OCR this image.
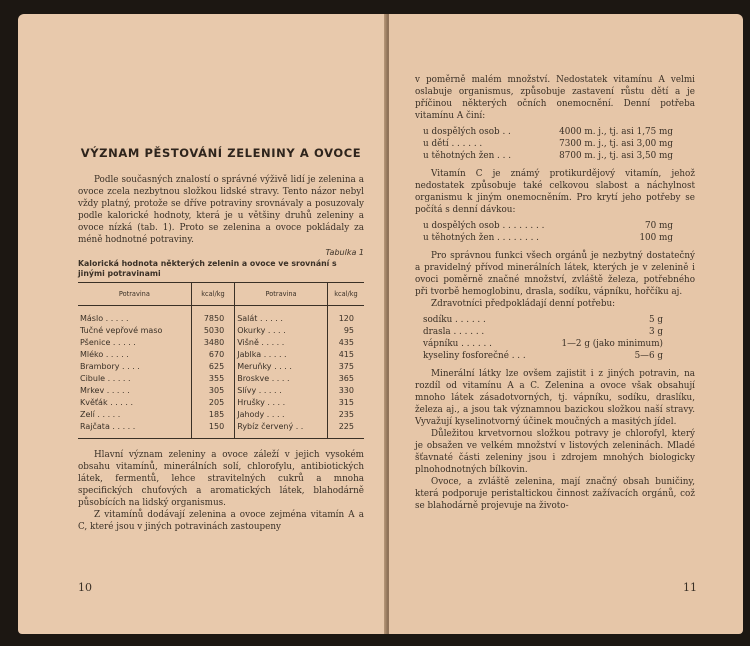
VÝZNAM PĚSTOVÁNÍ ZELENINY A OVOCE

Podle současných znalostí o správné výživě lidí je zelenina a ovoce zcela nezbytnou složkou lidské stravy. Tento názor nebyl vždy platný, protože se dříve potraviny srovnávaly a posuzovaly podle kalorické hodnoty, která je u většiny druhů zeleniny a ovoce nízká (tab. 1). Proto se zelenina a ovoce pokládaly za méně hodnotné potraviny.

Tabulka 1
Kalorická hodnota některých zelenin a ovoce ve srovnání s jinými potravinami
Potravina	kcal/kg	Potravina	kcal/kg
Máslo . . . . .	7850	Salát . . . . .	120
Tučné vepřové maso	5030	Okurky . . . .	95
Pšenice . . . . .	3480	Višně . . . . .	435
Mléko . . . . .	670	Jablka . . . . .	415
Brambory . . . .	625	Meruňky . . . .	375
Cibule . . . . .	355	Broskve . . . .	365
Mrkev . . . . .	305	Slívy . . . . .	330
Kvěťák . . . . .	205	Hrušky . . . .	315
Zelí . . . . .	185	Jahody . . . .	235
Rajčata . . . . .	150	Rybíz červený . .	225

Hlavní význam zeleniny a ovoce záleží v jejich vysokém obsahu vitamínů, minerálních solí, chlorofylu, antibiotických látek, fermentů, lehce stravitelných cukrů a mnoha specifických chuťových a aromatických látek, blahodárně působících na lidský organismus.

Z vitamínů dodávají zelenina a ovoce zejména vitamín A a C, které jsou v jiných potravinách zastoupeny

10

v poměrně malém množství. Nedostatek vitamínu A velmi oslabuje organismus, způsobuje zastavení růstu dětí a je příčinou některých očních onemocnění. Denní potřeba vitamínu A činí:

u dospělých osob . .	4000 m. j., tj. asi 1,75 mg
u dětí . . . . . .	7300 m. j., tj. asi 3,00 mg
u těhotných žen . . .	8700 m. j., tj. asi 3,50 mg

Vitamín C je známý protikurdějový vitamín, jehož nedostatek způsobuje také celkovou slabost a náchylnost organismu k jiným onemocněním. Pro krytí jeho potřeby se počítá s denní dávkou:

u dospělých osob . . . . . . . .	70 mg
u těhotných žen . . . . . . . .	100 mg

Pro správnou funkci všech orgánů je nezbytný dostatečný a pravidelný přívod minerálních látek, kterých je v zelenině i ovoci poměrně značné množství, zvláště železa, potřebného při tvorbě hemoglobinu, drasla, sodíku, vápníku, hořčíku aj.

Zdravotníci předpokládají denní potřebu:

sodíku . . . . . .	5 g
drasla . . . . . .	3 g
vápníku . . . . . .	1—2 g (jako minimum)
kyseliny fosforečné . . .	5—6 g

Minerální látky lze ovšem zajistit i z jiných potravin, na rozdíl od vitamínu A a C. Zelenina a ovoce však obsahují mnoho látek zásadotvorných, tj. vápníku, sodíku, draslíku, železa aj., a jsou tak významnou bazickou složkou naší stravy. Vyvažují kyselinotvorný účinek moučných a masitých jídel.

Důležitou krvetvornou složkou potravy je chlorofyl, který je obsažen ve velkém množství v listových zeleninách. Mladé šťavnaté části zeleniny jsou i zdrojem mnohých biologicky plnohodnotných bílkovin.

Ovoce, a zvláště zelenina, mají značný obsah buničiny, která podporuje peristaltickou činnost zažívacích orgánů, což se blahodárně projevuje na životo-

11
